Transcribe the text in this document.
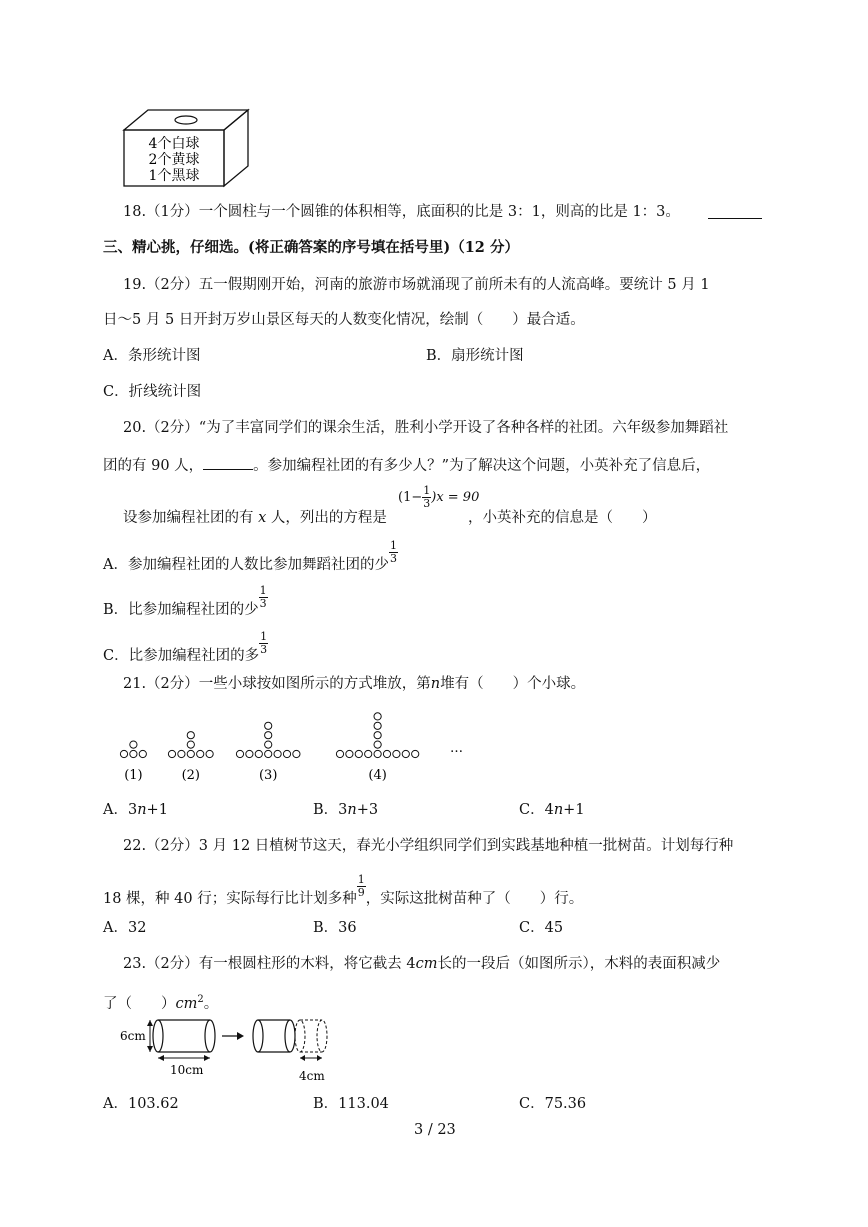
4个白球
2个黄球
1个黑球
18.（1分）一个圆柱与一个圆锥的体积相等，底面积的比是 3：1，则高的比是 1：3。
三、精心挑，仔细选。(将正确答案的序号填在括号里)（12 分）
19.（2分）五一假期刚开始，河南的旅游市场就涌现了前所未有的人流高峰。要统计 5 月 1
日～5 月 5 日开封万岁山景区每天的人数变化情况，绘制（　　）最合适。
A．条形统计图	B．扇形统计图
C．折线统计图
20.（2分）“为了丰富同学们的课余生活，胜利小学开设了各种各样的社团。六年级参加舞蹈社
团的有 90 人，	。参加编程社团的有多少人？”为了解决这个问题，小英补充了信息后，
设参加编程社团的有 x 人，列出的方程是
$(1- \frac{1}{3} )x = 90$
，小英补充的信息是（　　）
A．参加编程社团的人数比参加舞蹈社团的少
$\frac{1}{3}$
B．比参加编程社团的少
$\frac{1}{3}$
C．比参加编程社团的多
$\frac{1}{3}$
21.（2分）一些小球按如图所示的方式堆放，第n堆有（　　）个小球。
(1)	(2)	(3)	(4)
…
A．3n+1	B．3n+3	C．4n+1
22.（2分）3 月 12 日植树节这天，春光小学组织同学们到实践基地种植一批树苗。计划每行种
18 棵，种 40 行；实际每行比计划多种
$\frac{1}{9}$
，实际这批树苗种了（　　）行。
A．32	B．36	C．45
23.（2分）有一根圆柱形的木料，将它截去 4cm长的一段后（如图所示），木料的表面积减少
了（　　）$cm^2$。
6cm
10cm	4cm
A．103.62	B．113.04	C．75.36
3 / 23
